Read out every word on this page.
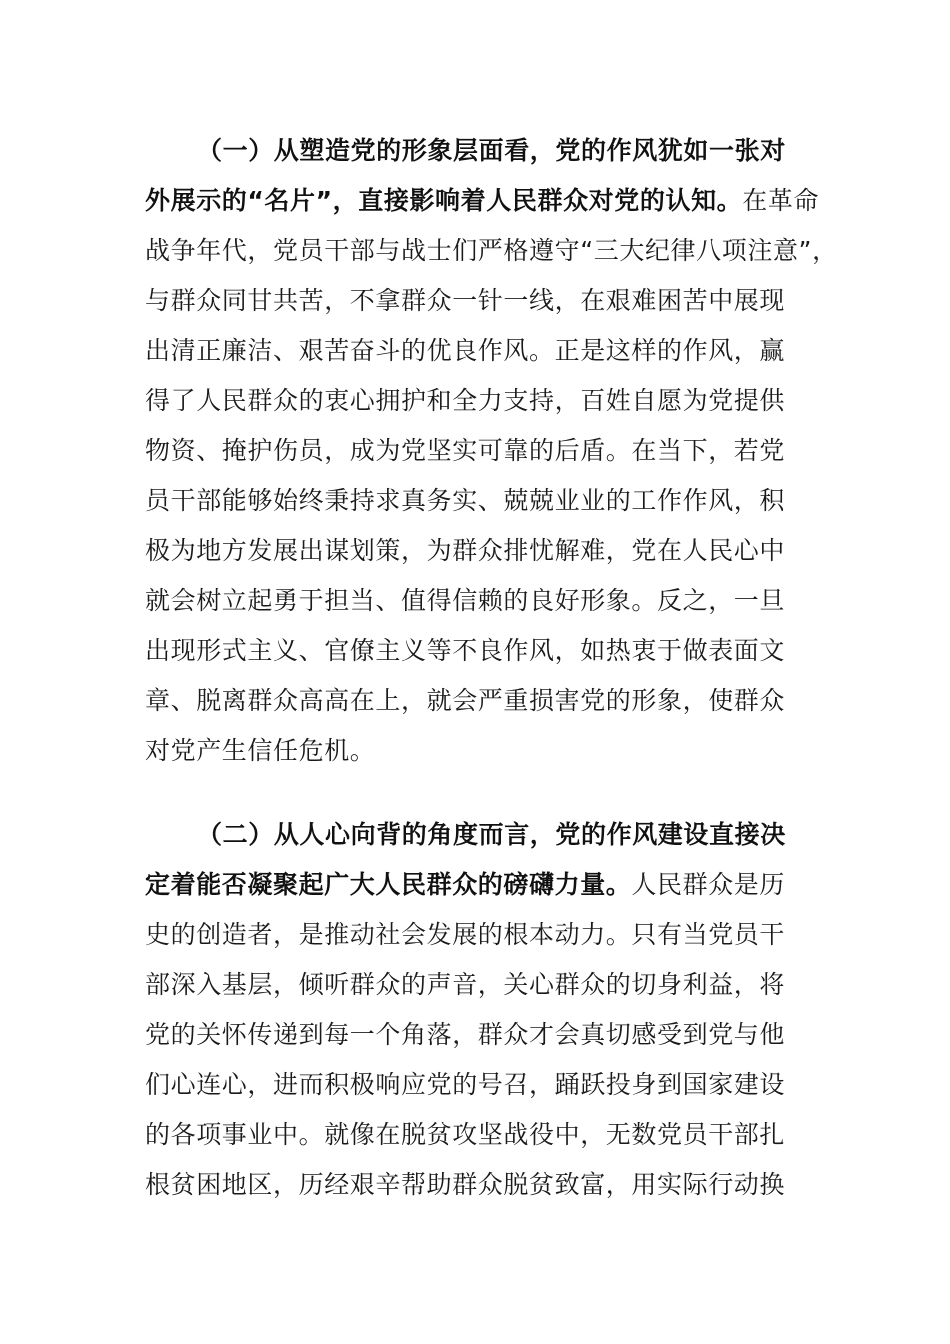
（一）从塑造党的形象层面看，党的作风犹如一张对
外展示的“名片”，直接影响着人民群众对党的认知。在革命
战争年代，党员干部与战士们严格遵守“三大纪律八项注意”，
与群众同甘共苦，不拿群众一针一线，在艰难困苦中展现
出清正廉洁、艰苦奋斗的优良作风。正是这样的作风，赢
得了人民群众的衷心拥护和全力支持，百姓自愿为党提供
物资、掩护伤员，成为党坚实可靠的后盾。在当下，若党
员干部能够始终秉持求真务实、兢兢业业的工作作风，积
极为地方发展出谋划策，为群众排忧解难，党在人民心中
就会树立起勇于担当、值得信赖的良好形象。反之，一旦
出现形式主义、官僚主义等不良作风，如热衷于做表面文
章、脱离群众高高在上，就会严重损害党的形象，使群众
对党产生信任危机。
（二）从人心向背的角度而言，党的作风建设直接决
定着能否凝聚起广大人民群众的磅礴力量。人民群众是历
史的创造者，是推动社会发展的根本动力。只有当党员干
部深入基层，倾听群众的声音，关心群众的切身利益，将
党的关怀传递到每一个角落，群众才会真切感受到党与他
们心连心，进而积极响应党的号召，踊跃投身到国家建设
的各项事业中。就像在脱贫攻坚战役中，无数党员干部扎
根贫困地区，历经艰辛帮助群众脱贫致富，用实际行动换
